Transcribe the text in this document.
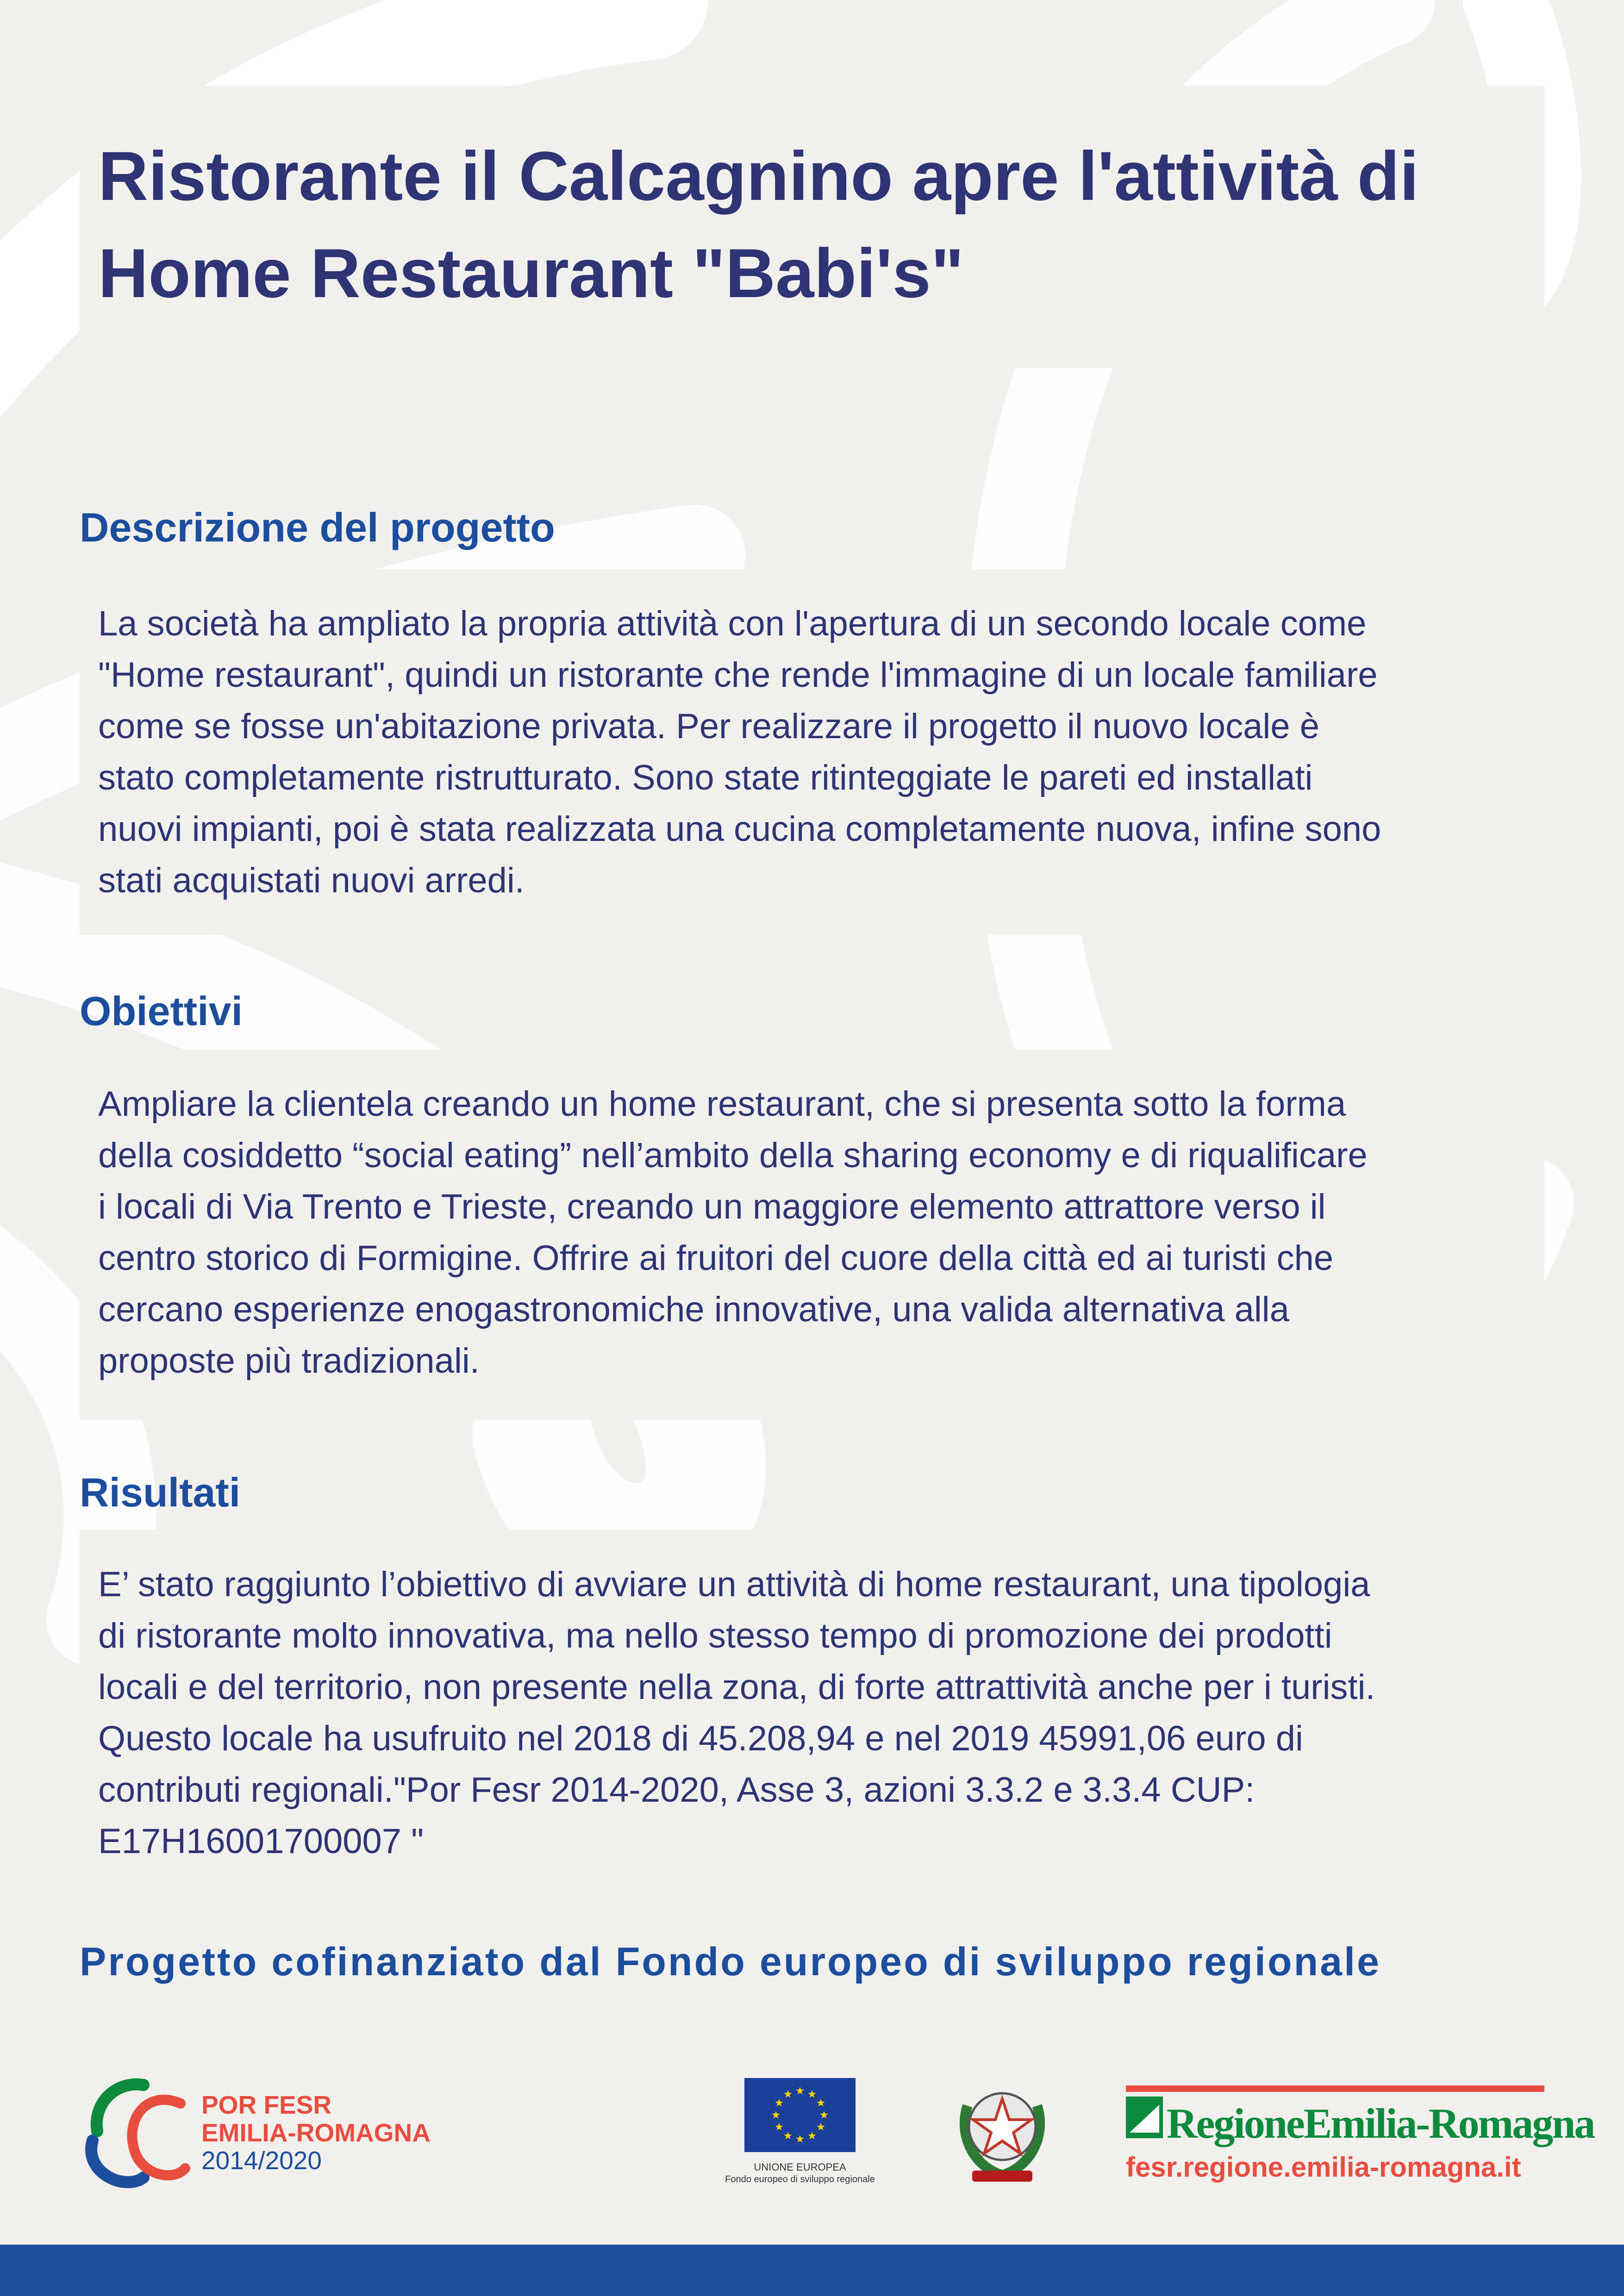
Ristorante il Calcagnino apre l'attività di
Home Restaurant "Babi's"
Descrizione del progetto
La società ha ampliato la propria attività con l'apertura di un secondo locale come
"Home restaurant", quindi un ristorante che rende l'immagine di un locale familiare
come se fosse un'abitazione privata. Per realizzare il progetto il nuovo locale è
stato completamente ristrutturato. Sono state ritinteggiate le pareti ed installati
nuovi impianti, poi è stata realizzata una cucina completamente nuova, infine sono
stati acquistati nuovi arredi.
Obiettivi
Ampliare la clientela creando un home restaurant, che si presenta sotto la forma
della cosiddetto “social eating” nell’ambito della sharing economy e di riqualificare
i locali di Via Trento e Trieste, creando un maggiore elemento attrattore verso il
centro storico di Formigine. Offrire ai fruitori del cuore della città ed ai turisti che
cercano esperienze enogastronomiche innovative, una valida alternativa alla
proposte più tradizionali.
Risultati
E’ stato raggiunto l’obiettivo di avviare un attività di home restaurant, una tipologia
di ristorante molto innovativa, ma nello stesso tempo di promozione dei prodotti
locali e del territorio, non presente nella zona, di forte attrattività anche per i turisti.
Questo locale ha usufruito nel 2018 di 45.208,94 e nel 2019 45991,06 euro di
contributi regionali."Por Fesr 2014-2020, Asse 3, azioni 3.3.2 e 3.3.4 CUP:
E17H16001700007 "

Progetto cofinanziato dal Fondo europeo di sviluppo regionale

POR FESR
EMILIA-ROMAGNA
2014/2020	UNIONE EUROPEA
Fondo europeo di sviluppo regionale
RegioneEmilia-Romagna
fesr.regione.emilia-romagna.it
